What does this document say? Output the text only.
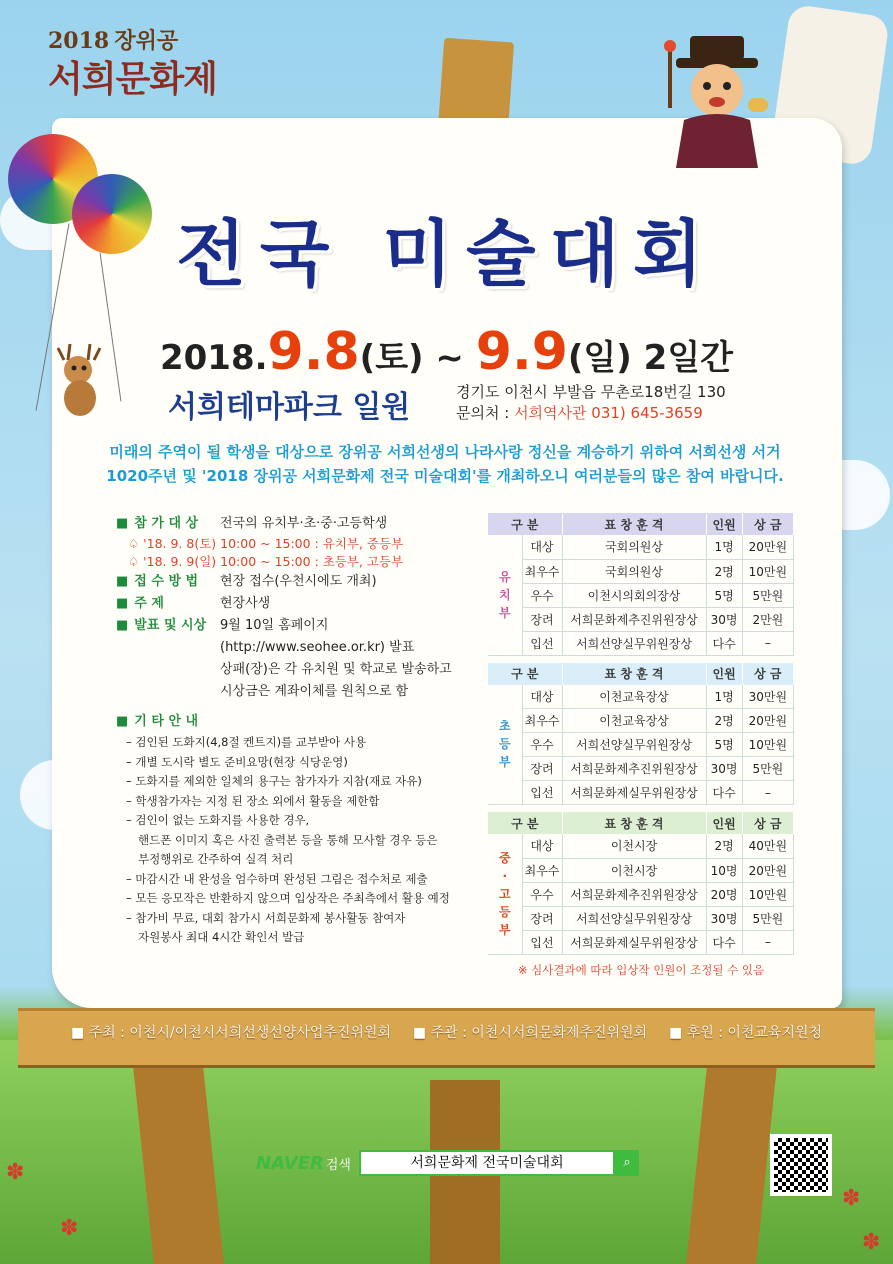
2018 장위공
서희문화제
전국 미술대회
2018.9.8(토) ~ 9.9(일) 2일간
서희테마파크 일원	경기도 이천시 부발읍 무촌로18번길 130
문의처 : 서희역사관 031) 645-3659
미래의 주역이 될 학생을 대상으로 장위공 서희선생의 나라사랑 정신을 계승하기 위하여 서희선생 서거
1020주년 및 '2018 장위공 서희문화제 전국 미술대회'를 개최하오니 여러분들의 많은 참여 바랍니다.
■ 참 가 대 상	전국의 유치부·초·중·고등학생
♤ '18. 9. 8(토) 10:00 ~ 15:00 : 유치부, 중등부
♤ '18. 9. 9(일) 10:00 ~ 15:00 : 초등부, 고등부
■ 접 수 방 법	현장 접수(우천시에도 개최)
■ 주 제	현장사생
■ 발표 및 시상	9월 10일 홈페이지
(http://www.seohee.or.kr) 발표
상패(장)은 각 유치원 및 학교로 발송하고
시상금은 계좌이체를 원칙으로 함
■ 기 타 안 내
– 검인된 도화지(4,8절 켄트지)를 교부받아 사용
– 개별 도시락 별도 준비요망(현장 식당운영)
– 도화지를 제외한 일체의 용구는 참가자가 지참(재료 자유)
– 학생참가자는 지정 된 장소 외에서 활동을 제한함
– 검인이 없는 도화지를 사용한 경우,
핸드폰 이미지 혹은 사진 출력본 등을 통해 모사할 경우 등은
부정행위로 간주하여 실격 처리
– 마감시간 내 완성을 엄수하며 완성된 그림은 접수처로 제출
– 모든 응모작은 반환하지 않으며 입상작은 주최측에서 활용 예정
– 참가비 무료, 대회 참가시 서희문화제 봉사활동 참여자
자원봉사 최대 4시간 확인서 발급
구 분		표 창 훈 격	인원	상 금

유
치
부	대상	국회의원상	1명	20만원
	최우수	국회의원상	2명	10만원
	우수	이천시의회의장상	5명	5만원
	장려	서희문화제추진위원장상	30명	2만원
	입선	서희선양실무위원장상	다수	–
구 분		표 창 훈 격	인원	상 금

초
등
부	대상	이천교육장상	1명	30만원
	최우수	이천교육장상	2명	20만원
	우수	서희선양실무위원장상	5명	10만원
	장려	서희문화제추진위원장상	30명	5만원
	입선	서희문화제실무위원장상	다수	–
구 분		표 창 훈 격	인원	상 금

중
·
고
등
부	대상	이천시장	2명	40만원
	최우수	이천시장	10명	20만원
	우수	서희문화제추진위원장상	20명	10만원
	장려	서희선양실무위원장상	30명	5만원
	입선	서희문화제실무위원장상	다수	–
※ 심사결과에 따라 입상작 인원이 조정될 수 있음
■ 주최 : 이천시/이천시서희선생선양사업추진위원회 ■ 주관 : 이천시서희문화제추진위원회 ■ 후원 : 이천교육지원청
NAVER 검색	서희문화제 전국미술대회	⌕
✽
✽
✽
✽
